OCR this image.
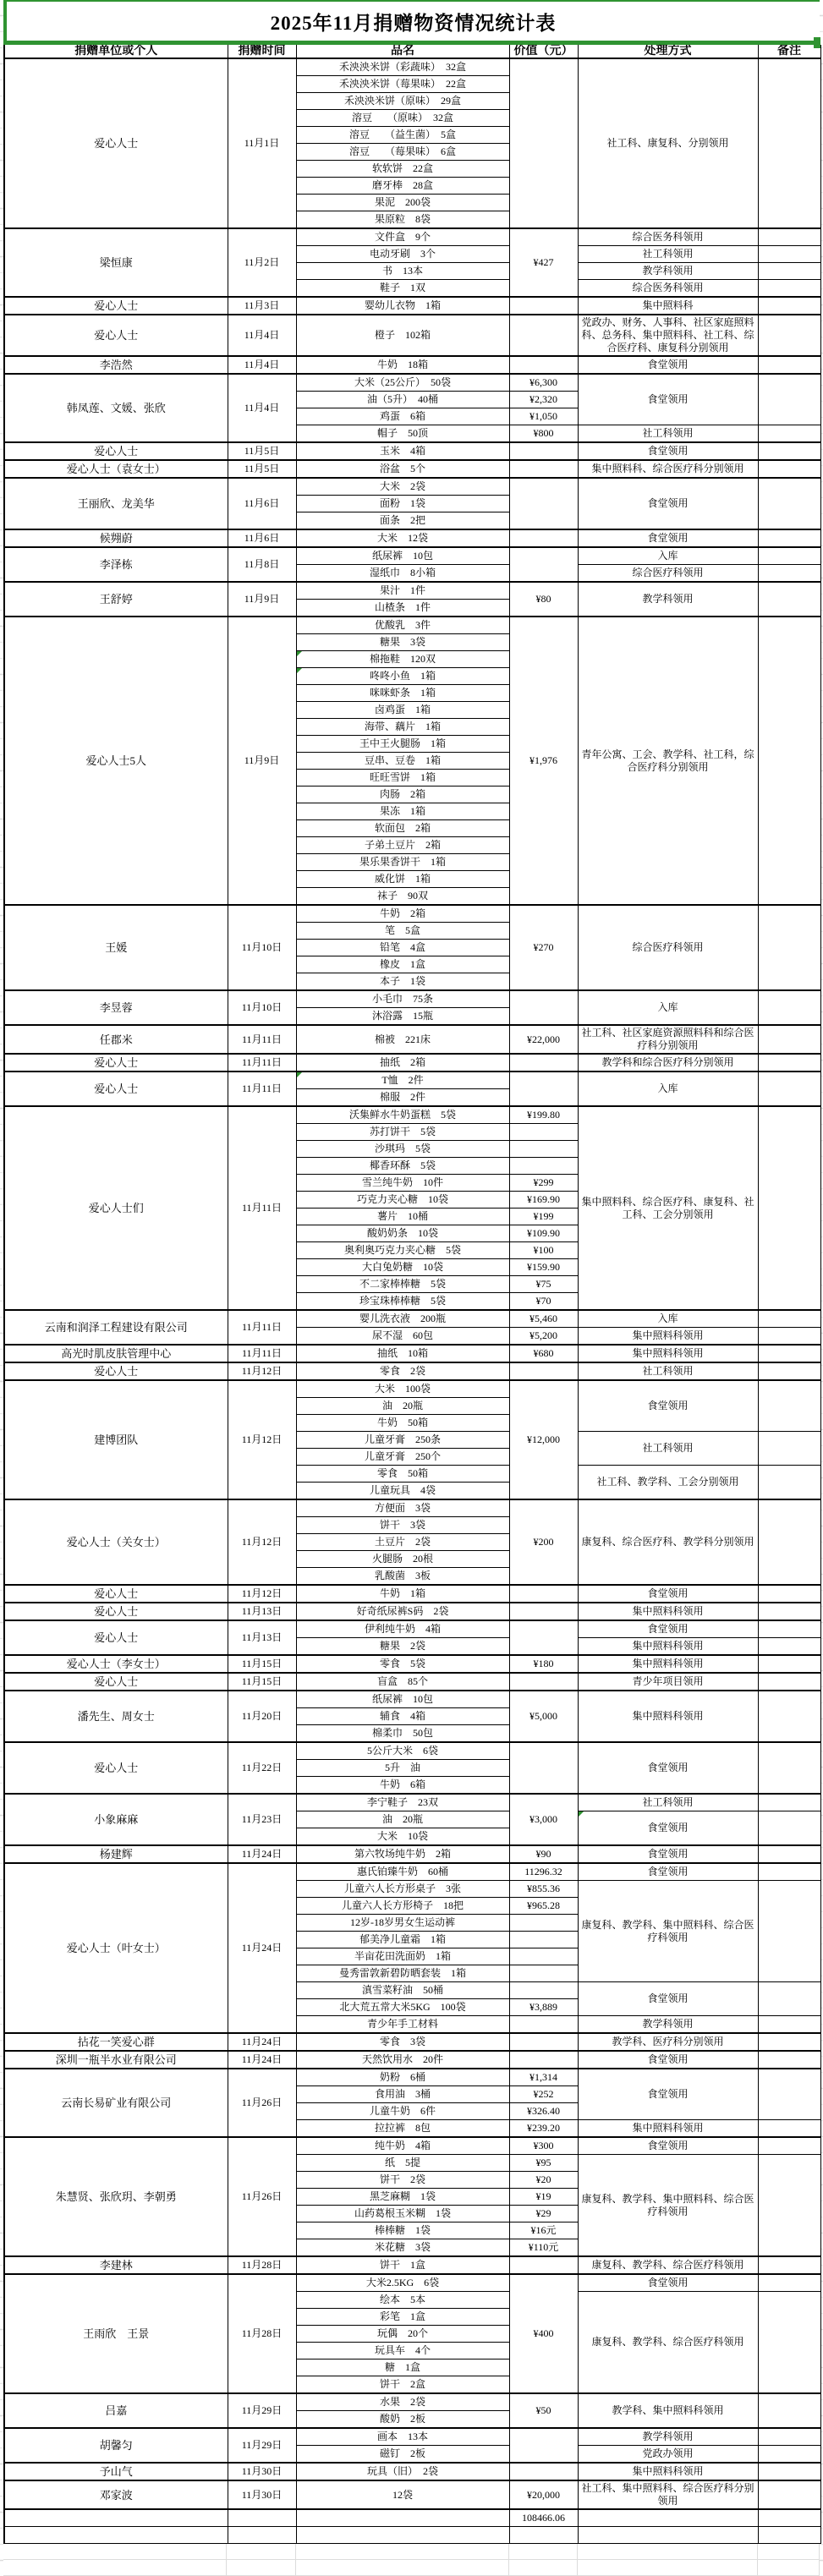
2025年11月捐赠物资情况统计表
捐赠单位或个人	捐赠时间	品名	价值（元）	处理方式	备注
爱心人士	11月1日	禾泱泱米饼（彩蔬味）　32盒		社工科、康复科、分别领用	
		禾泱泱米饼（莓果味）　22盒			
		禾泱泱米饼（原味）　29盒			
		溶豆　　（原味）　32盒			
		溶豆　　（益生菌）　5盒			
		溶豆　　（莓果味）　6盒			
		软软饼　22盒			
		磨牙棒　28盒			
		果泥　200袋			
		果原粒　8袋			
梁恒康	11月2日	文件盒　9个	¥427	综合医务科领用	
		电动牙刷　3个		社工科领用	
		书　13本		教学科领用	
		鞋子　1双		综合医务科领用	
爱心人士	11月3日	婴幼儿衣物　1箱		集中照料科	
爱心人士	11月4日	橙子　102箱		党政办、财务、人事科、社区家庭照料科、总务科、集中照料科、社工科、综合医疗科、康复科分别领用	
李浩然	11月4日	牛奶　18箱		食堂领用	
韩凤莲、文媛、张欣	11月4日	大米（25公斤）　50袋	¥6,300	食堂领用	
		油（5升）　40桶	¥2,320		
		鸡蛋　6箱	¥1,050		
		帽子　50顶	¥800	社工科领用	
爱心人士	11月5日	玉米　4箱		食堂领用	
爱心人士（袁女士）	11月5日	浴盆　5个		集中照料科、综合医疗科分别领用	
王丽欣、龙美华	11月6日	大米　2袋		食堂领用	
		面粉　1袋			
		面条　2把			
候翙蔚	11月6日	大米　12袋		食堂领用	
李泽栋	11月8日	纸尿裤　10包		入库	
		湿纸巾　8小箱		综合医疗科领用	
王舒婷	11月9日	果汁　1件	¥80	教学科领用	
		山楂条　1件			
爱心人士5人	11月9日	优酸乳　3件	¥1,976	青年公寓、工会、教学科、社工科，综合医疗科分别领用	
		糖果　3袋			
		棉拖鞋　120双			
		咚咚小鱼　1箱			
		咪咪虾条　1箱			
		卤鸡蛋　1箱			
		海带、藕片　1箱			
		王中王火腿肠　1箱			
		豆串、豆卷　1箱			
		旺旺雪饼　1箱			
		肉肠　2箱			
		果冻　1箱			
		软面包　2箱			
		子弟土豆片　2箱			
		果乐果香饼干　1箱			
		威化饼　1箱			
		袜子　90双			
王媛	11月10日	牛奶　2箱	¥270	综合医疗科领用	
		笔　5盒			
		铅笔　4盒			
		橡皮　1盒			
		本子　1袋			
李昱蓉	11月10日	小毛巾　75条		入库	
		沐浴露　15瓶			
任郡米	11月11日	棉被　221床	¥22,000	社工科、社区家庭资源照料科和综合医疗科分别领用	
爱心人士	11月11日	抽纸　2箱		教学科和综合医疗科分别领用	
爱心人士	11月11日	T恤　2件		入库	
		棉服　2件			
爱心人士们	11月11日	沃集鲜水牛奶蛋糕　5袋	¥199.80	集中照料科、综合医疗科、康复科、社工科、工会分别领用	
		苏打饼干　5袋			
		沙琪玛　5袋			
		椰香环酥　5袋			
		雪兰纯牛奶　10件	¥299		
		巧克力夹心糖　10袋	¥169.90		
		薯片　10桶	¥199		
		酸奶奶条　10袋	¥109.90		
		奥利奥巧克力夹心糖　5袋	¥100		
		大白兔奶糖　10袋	¥159.90		
		不二家棒棒糖　5袋	¥75		
		珍宝珠棒棒糖　5袋	¥70		
云南和润泽工程建设有限公司	11月11日	婴儿洗衣液　200瓶	¥5,460	入库	
		尿不湿　60包	¥5,200	集中照料科领用	
高光时肌皮肤管理中心	11月11日	抽纸　10箱	¥680	集中照料科领用	
爱心人士	11月12日	零食　2袋		社工科领用	
建博团队	11月12日	大米　100袋	¥12,000	食堂领用	
		油　20瓶			
		牛奶　50箱			
		儿童牙膏　250条		社工科领用	
		儿童牙膏　250个			
		零食　50箱		社工科、教学科、工会分别领用	
		儿童玩具　4袋			
爱心人士（关女士）	11月12日	方便面　3袋	¥200	康复科、综合医疗科、教学科分别领用	
		饼干　3袋			
		土豆片　2袋			
		火腿肠　20根			
		乳酸菌　3板			
爱心人士	11月12日	牛奶　1箱		食堂领用	
爱心人士	11月13日	好奇纸尿裤S码　2袋		集中照料科领用	
爱心人士	11月13日	伊利纯牛奶　4箱		食堂领用	
		糖果　2袋		集中照料科领用	
爱心人士（李女士）	11月15日	零食　5袋	¥180	集中照料科领用	
爱心人士	11月15日	盲盒　85个		青少年项目领用	
潘先生、周女士	11月20日	纸尿裤　10包	¥5,000	集中照料科领用	
		辅食　4箱			
		棉柔巾　50包			
爱心人士	11月22日	5公斤大米　6袋		食堂领用	
		5升　油			
		牛奶　6箱			
小象麻麻	11月23日	李宁鞋子　23双	¥3,000	社工科领用	
		油　20瓶		食堂领用	
		大米　10袋			
杨建辉	11月24日	第六牧场纯牛奶　2箱	¥90	食堂领用	
爱心人士（叶女士）	11月24日	惠氏铂臻牛奶　60桶	11296.32	食堂领用	
		儿童六人长方形桌子　3张	¥855.36	康复科、教学科、集中照料科、综合医疗科领用	
		儿童六人长方形椅子　18把	¥965.28		
		12岁-18岁男女生运动裤			
		郁美净儿童霜　1箱			
		半亩花田洗面奶　1箱			
		曼秀雷敦新碧防晒套装　1箱			
		滇雪菜籽油　50桶		食堂领用	
		北大荒五常大米5KG　100袋	¥3,889		
		青少年手工材料		教学科领用	
拈花一笑爱心群	11月24日	零食　3袋		教学科、医疗科分别领用	
深圳一瓶半水业有限公司	11月24日	天然饮用水　20件		食堂领用	
云南长易矿业有限公司	11月26日	奶粉　6桶	¥1,314	食堂领用	
		食用油　3桶	¥252		
		儿童牛奶　6件	¥326.40		
		拉拉裤　8包	¥239.20	集中照料科领用	
朱慧贤、张欣玥、李朝勇	11月26日	纯牛奶　4箱	¥300	食堂领用	
		纸　5提	¥95	康复科、教学科、集中照料科、综合医疗科领用	
		饼干　2袋	¥20		
		黑芝麻糊　1袋	¥19		
		山药葛根玉米糊　1袋	¥29		
		棒棒糖　1袋	¥16元		
		米花糖　3袋	¥110元		
李建林	11月28日	饼干　1盒		康复科、教学科、综合医疗科领用	
王雨欣　王景	11月28日	大米2.5KG　6袋	¥400	食堂领用	
		绘本　5本		康复科、教学科、综合医疗科领用	
		彩笔　1盒			
		玩偶　20个			
		玩具车　4个			
		糖　1盒			
		饼干　2盒			
吕嘉	11月29日	水果　2袋	¥50	教学科、集中照料科领用	
		酸奶　2板			
胡馨匀	11月29日	画本　13本		教学科领用	
		磁钉　2板		党政办领用	
予山气	11月30日	玩具（旧）　2袋		集中照料科领用	
邓家波	11月30日	12袋	¥20,000	社工科、集中照料科、综合医疗科分别领用	
			108466.06		
